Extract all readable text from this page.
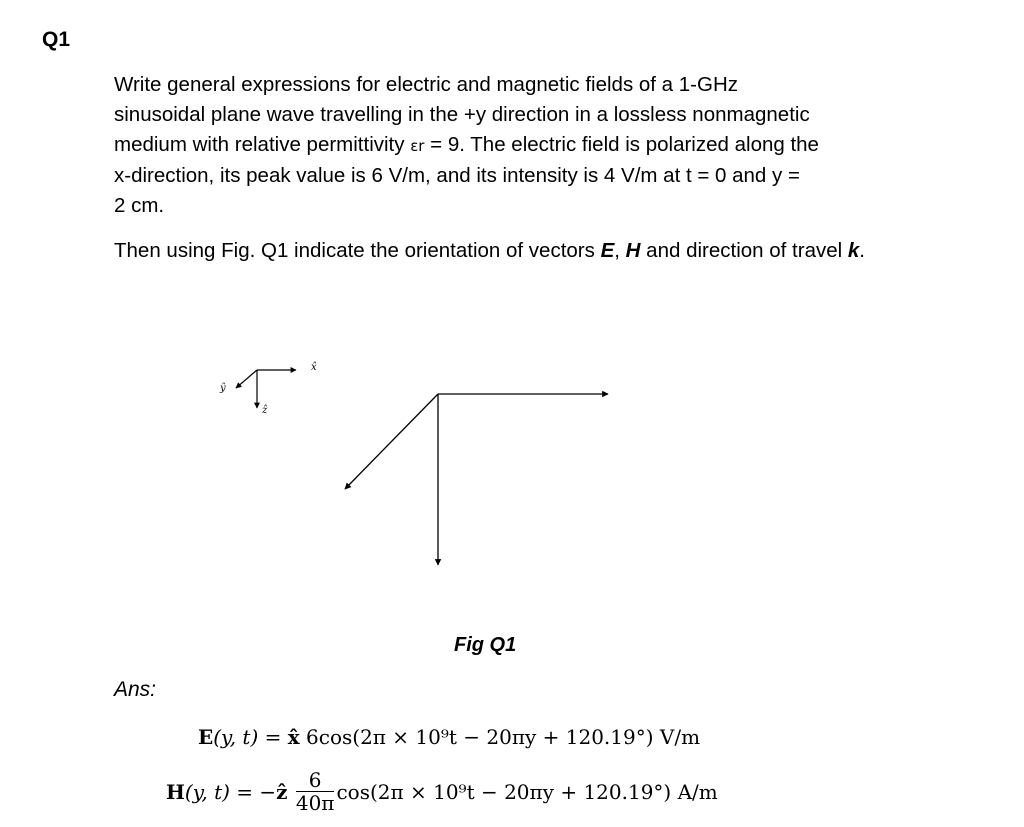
Q1

Write general expressions for electric and magnetic fields of a 1-GHz
sinusoidal plane wave travelling in the +y direction in a lossless nonmagnetic
medium with relative permittivity εr = 9. The electric field is polarized along the
x-direction, its peak value is 6 V/m, and its intensity is 4 V/m at t = 0 and y =
2 cm.

Then using Fig. Q1 indicate the orientation of vectors E, H and direction of travel k.

x̂
ŷ
ẑ
Fig Q1
Ans:
E(y, t) = x̂ 6cos(2π × 10⁹t − 20πy + 120.19°) V/m
H(y, t) = −ẑ $\frac{6}{40\pi} \cos(2\pi \times 10^9t - 20\pi y + 120.19^\circ)$ A/m
